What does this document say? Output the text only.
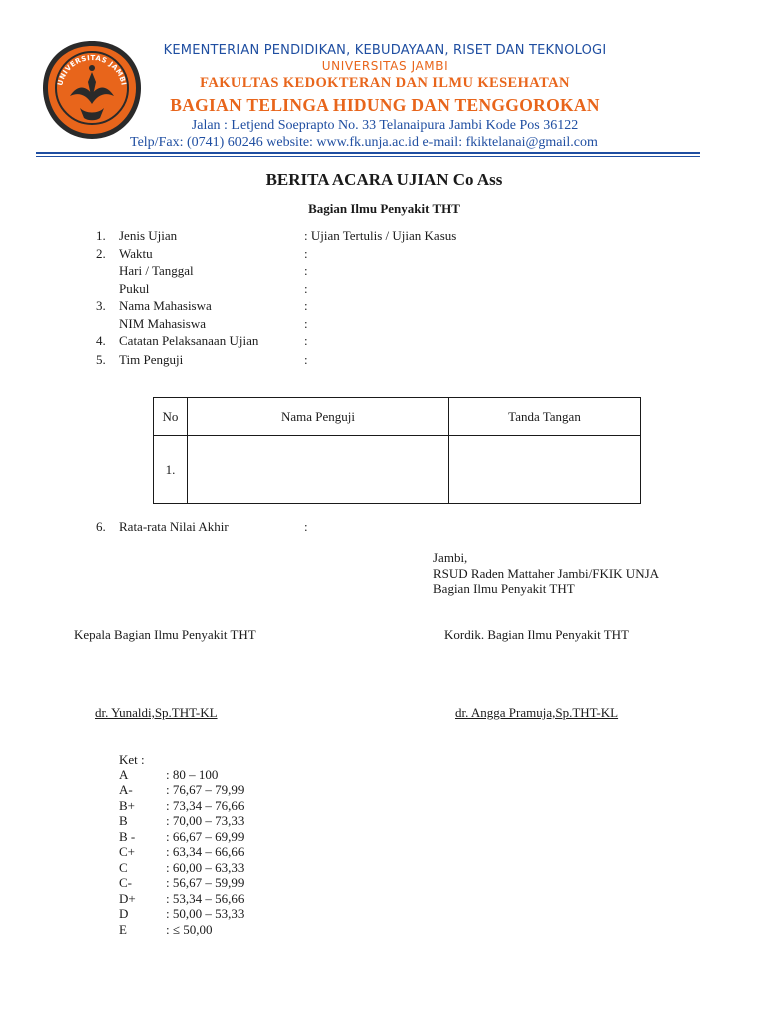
UNIVERSITAS JAMBI
KEMENTERIAN PENDIDIKAN, KEBUDAYAAN, RISET DAN TEKNOLOGI
UNIVERSITAS JAMBI
FAKULTAS KEDOKTERAN DAN ILMU KESEHATAN
BAGIAN TELINGA HIDUNG DAN TENGGOROKAN
Jalan : Letjend Soeprapto No. 33 Telanaipura Jambi Kode Pos 36122
Telp/Fax: (0741) 60246 website: www.fk.unja.ac.id e-mail: fkiktelanai@gmail.com
BERITA ACARA UJIAN Co Ass
Bagian Ilmu Penyakit THT
1. Jenis Ujian	: Ujian Tertulis / Ujian Kasus
2. Waktu	:
Hari / Tanggal	:
Pukul	:
3. Nama Mahasiswa	:
NIM Mahasiswa	:
4. Catatan Pelaksanaan Ujian	:
5. Tim Penguji	:
No	Nama Penguji	Tanda Tangan
1.		
6. Rata-rata Nilai Akhir	:
Jambi,
RSUD Raden Mattaher Jambi/FKIK UNJA
Bagian Ilmu Penyakit THT
Kepala Bagian Ilmu Penyakit THT	Kordik. Bagian Ilmu Penyakit THT
dr. Yunaldi,Sp.THT-KL	dr. Angga Pramuja,Sp.THT-KL
Ket :
A	: 80 – 100
A-	: 76,67 – 79,99
B+ : 73,34 – 76,66
B	: 70,00 – 73,33
B - : 66,67 – 69,99
C+ : 63,34 – 66,66
C	: 60,00 – 63,33
C-	: 56,67 – 59,99
D+ : 53,34 – 56,66
D	: 50,00 – 53,33
E	: ≤ 50,00
